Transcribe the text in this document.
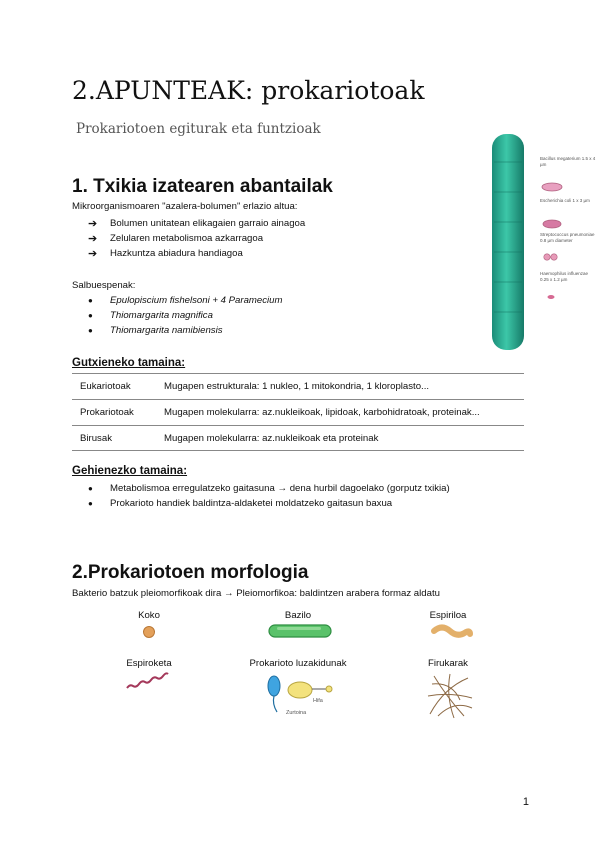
2.APUNTEAK: prokariotoak
Prokariotoen egiturak eta funtzioak
1. Txikia izatearen abantailak
Mikroorganismoaren "azalera-bolumen" erlazio altua:
➔	Bolumen unitatean elikagaien garraio ainagoa
➔	Zelularen metabolismoa azkarragoa
➔	Hazkuntza abiadura handiagoa
Salbuespenak:
●	Epulopiscium fishelsoni + 4 Paramecium
●	Thiomargarita magnifica
●	Thiomargarita namibiensis
Bacillus megaterium 1.5 x 4 µm
Escherichia coli 1 x 3 µm
Streptococcus pneumoniae 0.8 µm diameter
Haemophilus influenzae 0.25 x 1.2 µm
Gutxieneko tamaina:
Eukariotoak	Mugapen estrukturala: 1 nukleo, 1 mitokondria, 1 kloroplasto...
Prokariotoak	Mugapen molekularra: az.nukleikoak, lipidoak, karbohidratoak, proteinak...
Birusak	Mugapen molekularra: az.nukleikoak eta proteinak
Gehienezko tamaina:
●	Metabolismoa erregulatzeko gaitasuna → dena hurbil dagoelako (gorputz txikia)
●	Prokarioto handiek baldintza-aldaketei moldatzeko gaitasun baxua
2.Prokariotoen morfologia
Bakterio batzuk pleiomorfikoak dira → Pleiomorfikoa: baldintzen arabera formaz aldatu
Koko	Bazilo	Espiriloa
Espiroketa	Prokarioto luzakidunak	Firukarak
Hifa
Zurtoina
1
